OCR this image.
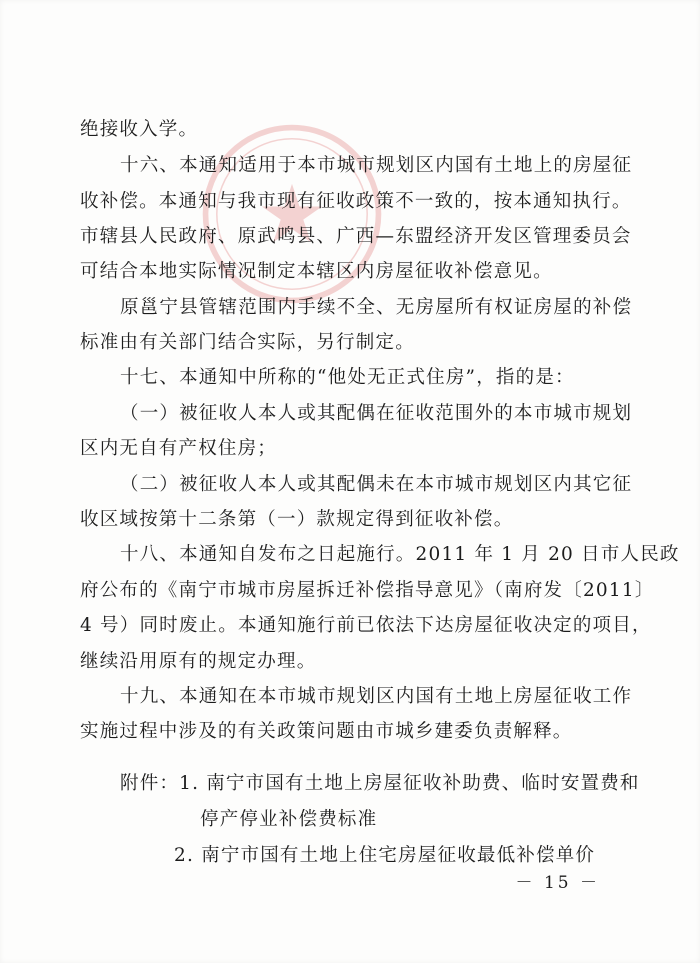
绝接收入学。
十六、本通知适用于本市城市规划区内国有土地上的房屋征
收补偿。本通知与我市现有征收政策不一致的，按本通知执行。
市辖县人民政府、原武鸣县、广西—东盟经济开发区管理委员会
可结合本地实际情况制定本辖区内房屋征收补偿意见。
原邕宁县管辖范围内手续不全、无房屋所有权证房屋的补偿
标准由有关部门结合实际，另行制定。
十七、本通知中所称的“他处无正式住房”，指的是：
（一）被征收人本人或其配偶在征收范围外的本市城市规划
区内无自有产权住房；
（二）被征收人本人或其配偶未在本市城市规划区内其它征
收区域按第十二条第（一）款规定得到征收补偿。
十八、本通知自发布之日起施行。2011 年 1 月 20 日市人民政
府公布的《南宁市城市房屋拆迁补偿指导意见》（南府发〔2011〕
4 号）同时废止。本通知施行前已依法下达房屋征收决定的项目，
继续沿用原有的规定办理。
十九、本通知在本市城市规划区内国有土地上房屋征收工作
实施过程中涉及的有关政策问题由市城乡建委负责解释。
附件：1. 南宁市国有土地上房屋征收补助费、临时安置费和
停产停业补偿费标准
2. 南宁市国有土地上住宅房屋征收最低补偿单价
－ 15 －
